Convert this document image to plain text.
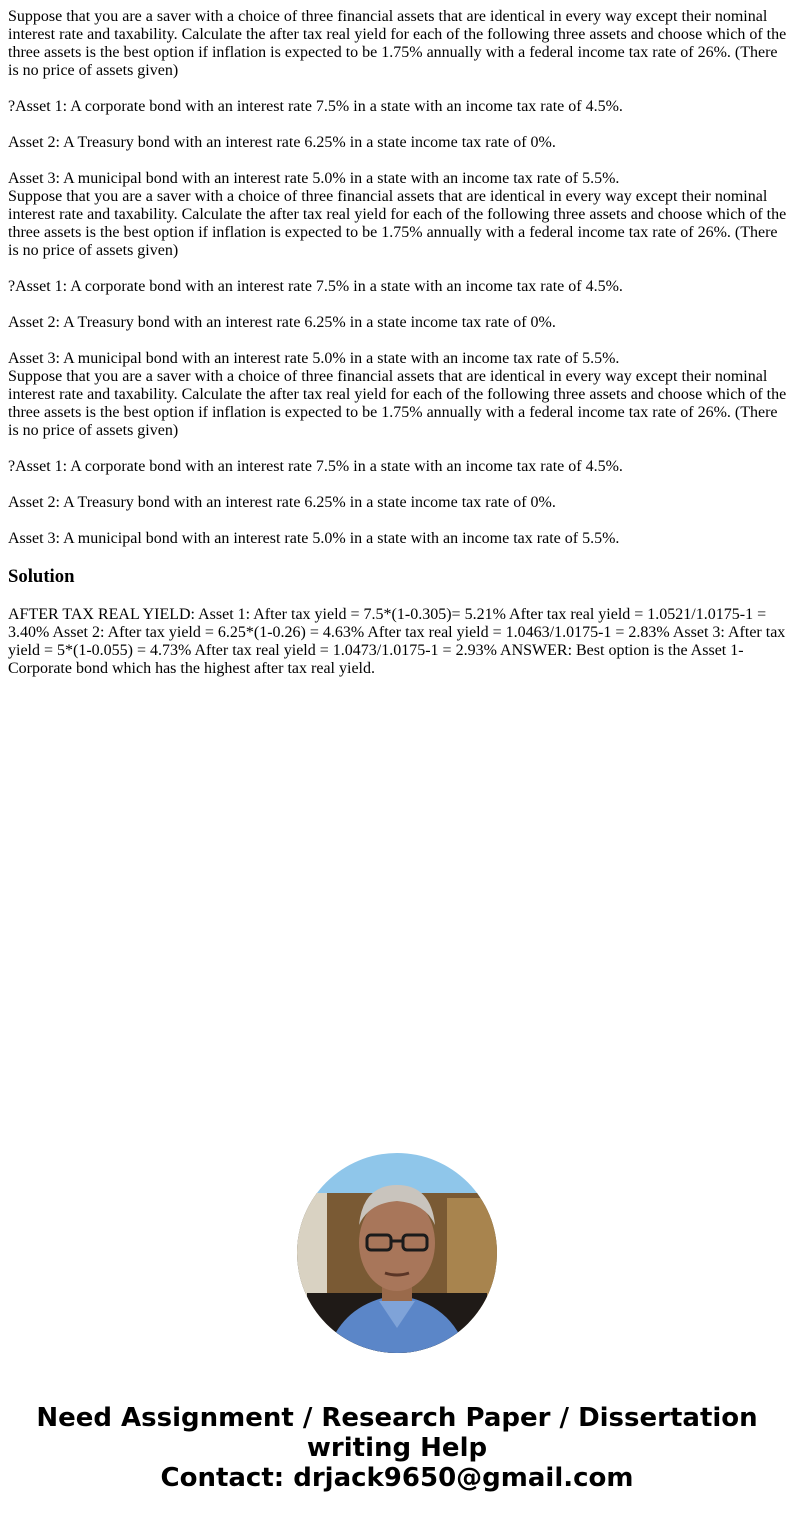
Suppose that you are a saver with a choice of three financial assets that are identical in every way except their nominal interest rate and taxability. Calculate the after tax real yield for each of the following three assets and choose which of the three assets is the best option if inflation is expected to be 1.75% annually with a federal income tax rate of 26%. (There is no price of assets given)

?Asset 1: A corporate bond with an interest rate 7.5% in a state with an income tax rate of 4.5%.

Asset 2: A Treasury bond with an interest rate 6.25% in a state income tax rate of 0%.

Asset 3: A municipal bond with an interest rate 5.0% in a state with an income tax rate of 5.5%.

Suppose that you are a saver with a choice of three financial assets that are identical in every way except their nominal interest rate and taxability. Calculate the after tax real yield for each of the following three assets and choose which of the three assets is the best option if inflation is expected to be 1.75% annually with a federal income tax rate of 26%. (There is no price of assets given)

?Asset 1: A corporate bond with an interest rate 7.5% in a state with an income tax rate of 4.5%.

Asset 2: A Treasury bond with an interest rate 6.25% in a state income tax rate of 0%.

Asset 3: A municipal bond with an interest rate 5.0% in a state with an income tax rate of 5.5%.

Suppose that you are a saver with a choice of three financial assets that are identical in every way except their nominal interest rate and taxability. Calculate the after tax real yield for each of the following three assets and choose which of the three assets is the best option if inflation is expected to be 1.75% annually with a federal income tax rate of 26%. (There is no price of assets given)

?Asset 1: A corporate bond with an interest rate 7.5% in a state with an income tax rate of 4.5%.

Asset 2: A Treasury bond with an interest rate 6.25% in a state income tax rate of 0%.

Asset 3: A municipal bond with an interest rate 5.0% in a state with an income tax rate of 5.5%.

Solution

AFTER TAX REAL YIELD: Asset 1: After tax yield = 7.5*(1-0.305)= 5.21% After tax real yield = 1.0521/1.0175-1 = 3.40% Asset 2: After tax yield = 6.25*(1-0.26) = 4.63% After tax real yield = 1.0463/1.0175-1 = 2.83% Asset 3: After tax yield = 5*(1-0.055) = 4.73% After tax real yield = 1.0473/1.0175-1 = 2.93% ANSWER: Best option is the Asset 1- Corporate bond which has the highest after tax real yield.

Need Assignment / Research Paper / Dissertation
writing Help
Contact: drjack9650@gmail.com
